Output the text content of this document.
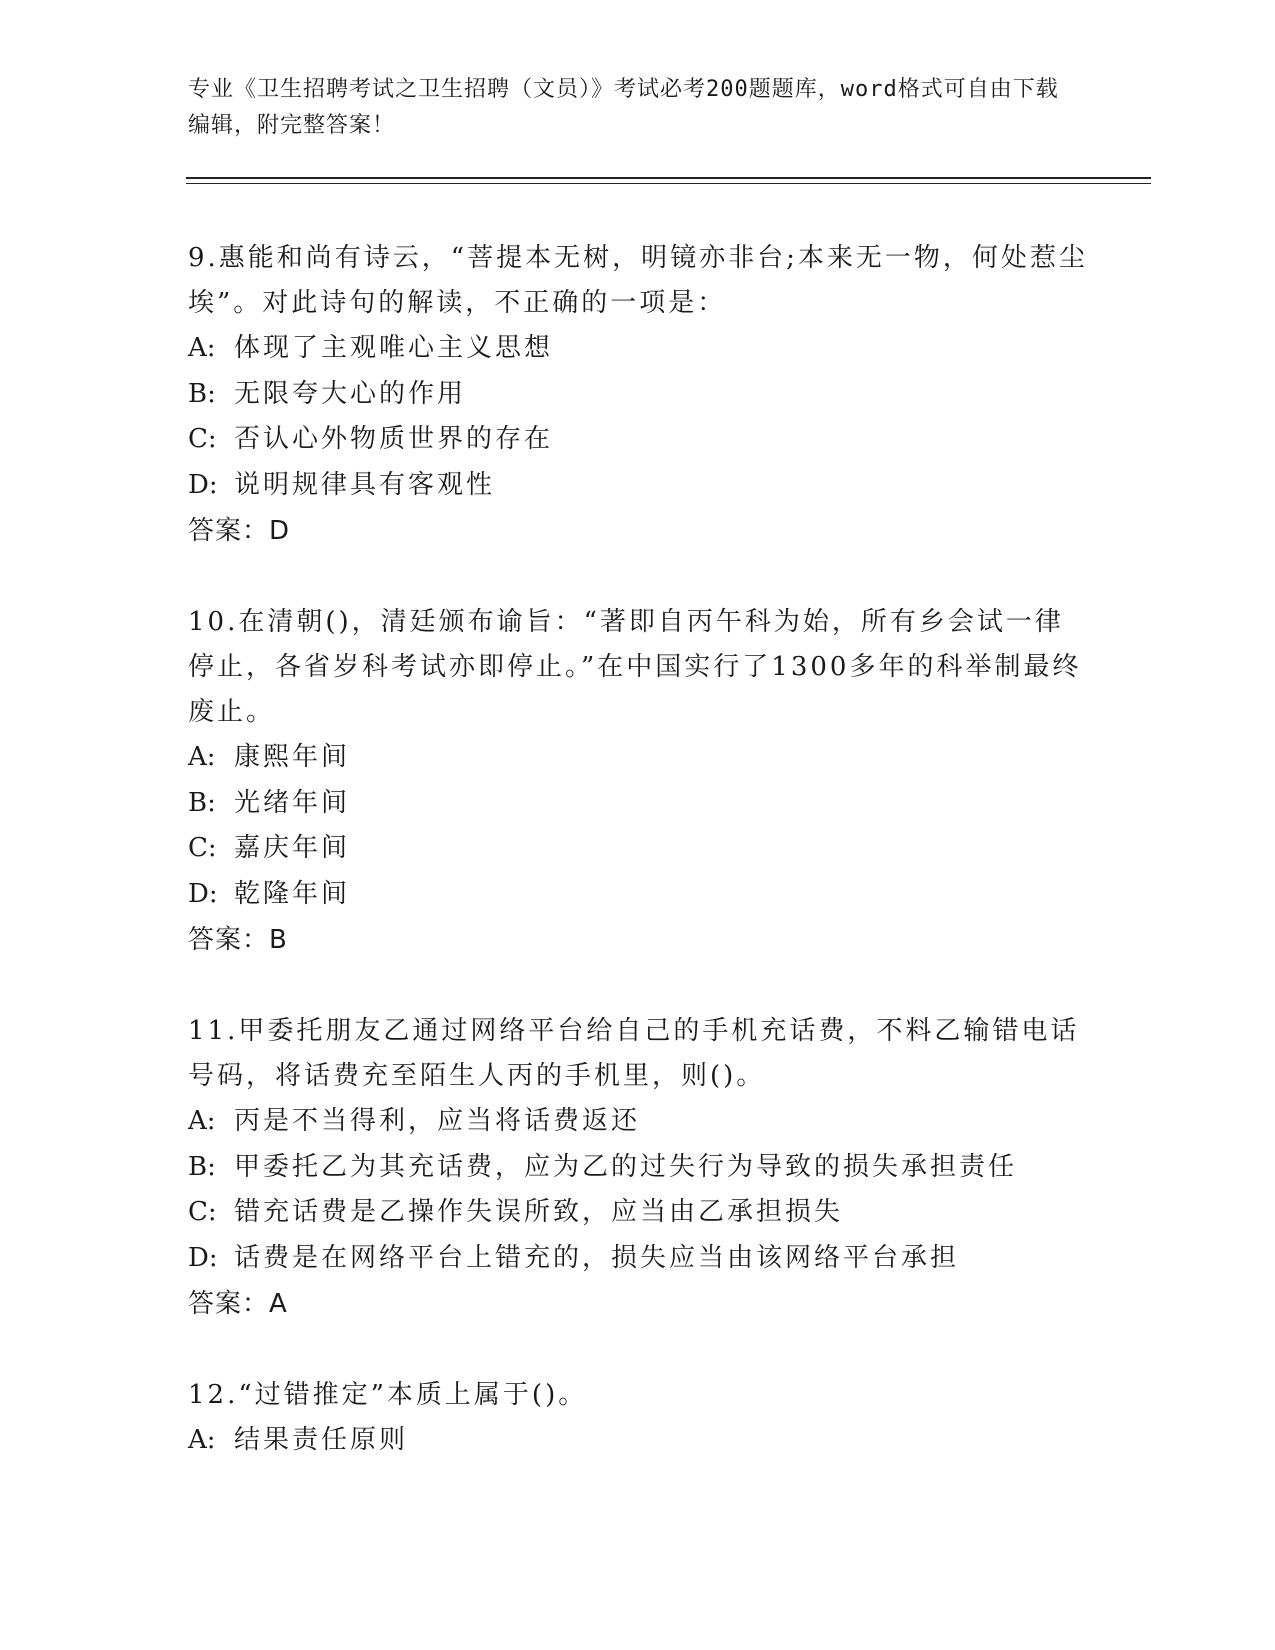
专业《卫生招聘考试之卫生招聘（文员）》考试必考200题题库，word格式可自由下载编辑，附完整答案！

9.惠能和尚有诗云，“菩提本无树，明镜亦非台;本来无一物，何处惹尘埃”。对此诗句的解读，不正确的一项是：

A: 体现了主观唯心主义思想

B: 无限夸大心的作用

C: 否认心外物质世界的存在

D: 说明规律具有客观性

答案：D

10.在清朝()，清廷颁布谕旨：“著即自丙午科为始，所有乡会试一律停止，各省岁科考试亦即停止。”在中国实行了1300多年的科举制最终废止。

A: 康熙年间

B: 光绪年间

C: 嘉庆年间

D: 乾隆年间

答案：B

11.甲委托朋友乙通过网络平台给自己的手机充话费，不料乙输错电话号码，将话费充至陌生人丙的手机里，则()。

A: 丙是不当得利，应当将话费返还

B: 甲委托乙为其充话费，应为乙的过失行为导致的损失承担责任

C: 错充话费是乙操作失误所致，应当由乙承担损失

D: 话费是在网络平台上错充的，损失应当由该网络平台承担

答案：A

12.“过错推定”本质上属于()。

A: 结果责任原则
